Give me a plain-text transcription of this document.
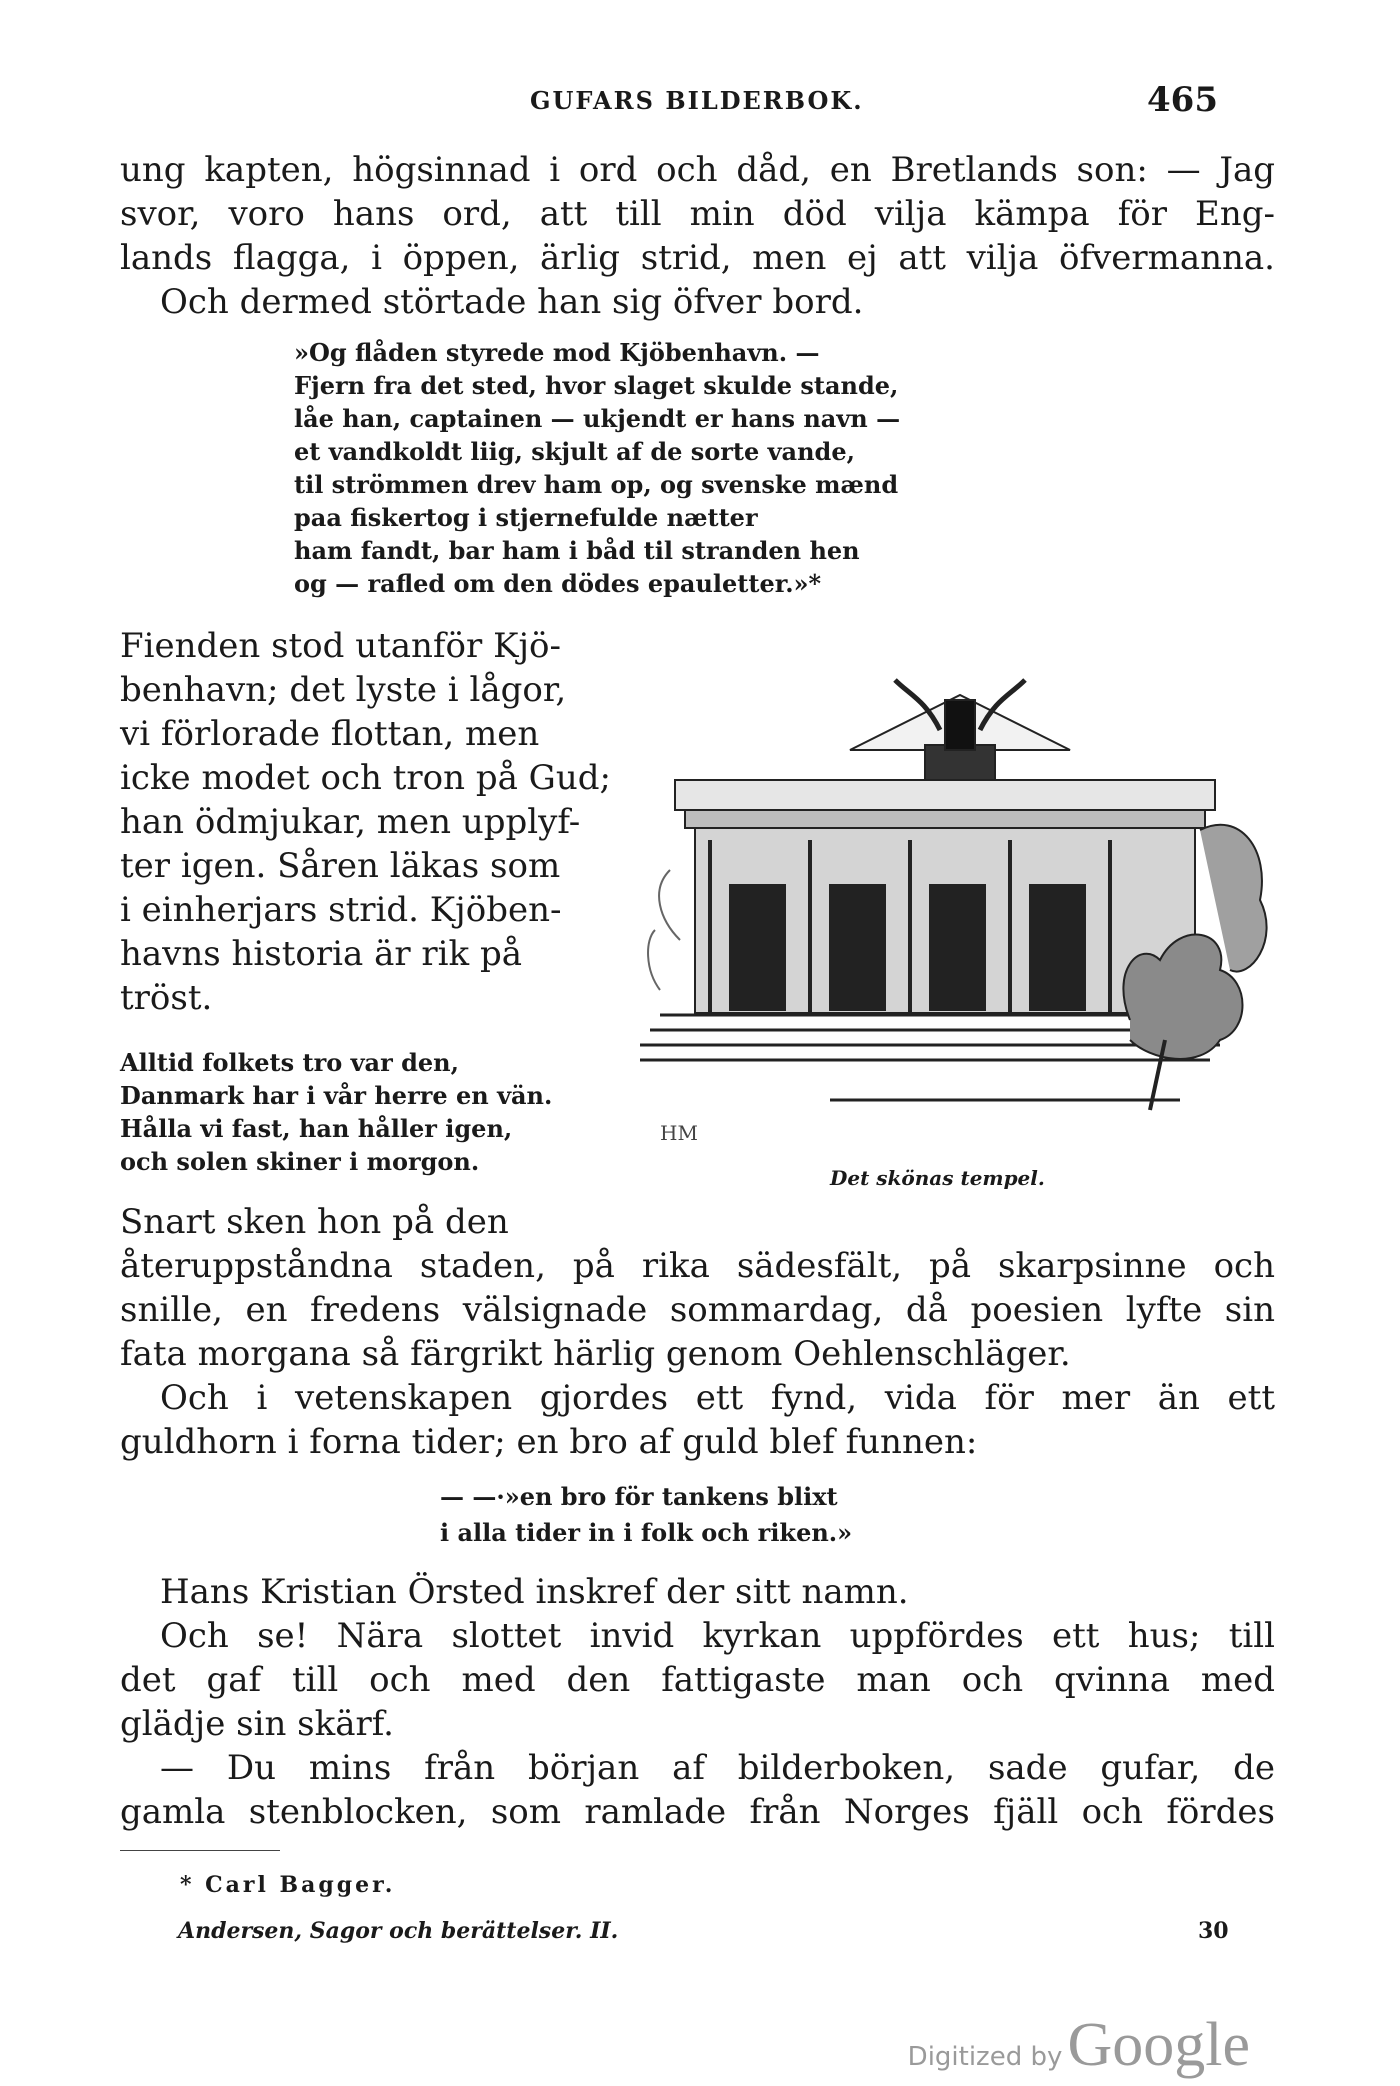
GUFARS BILDERBOK.	465
ung kapten, högsinnad i ord och dåd, en Bretlands son: — Jag
svor, voro hans ord, att till min död vilja kämpa för Eng-
lands flagga, i öppen, ärlig strid, men ej att vilja öfvermanna.
Och dermed störtade han sig öfver bord.
»Og flåden styrede mod Kjöbenhavn. —
Fjern fra det sted, hvor slaget skulde stande,
låe han, captainen — ukjendt er hans navn —
et vandkoldt liig, skjult af de sorte vande,
til strömmen drev ham op, og svenske mænd
paa fiskertog i stjernefulde nætter
ham fandt, bar ham i båd til stranden hen
og — rafled om den dödes epauletter.»*
Fienden stod utanför Kjö-
benhavn; det lyste i lågor,
vi förlorade flottan, men
icke modet och tron på Gud;
han ödmjukar, men upplyf-
ter igen. Såren läkas som
i einherjars strid. Kjöben-
havns historia är rik på
tröst.
Alltid folkets tro var den,
Danmark har i vår herre en vän.
Hålla vi fast, han håller igen,
och solen skiner i morgon.
HM
Det skönas tempel.
Snart sken hon på den
återuppståndna staden, på rika sädesfält, på skarpsinne och
snille, en fredens välsignade sommardag, då poesien lyfte sin
fata morgana så färgrikt härlig genom Oehlenschläger.
Och i vetenskapen gjordes ett fynd, vida för mer än ett
guldhorn i forna tider; en bro af guld blef funnen:
— —·»en bro för tankens blixt
i alla tider in i folk och riken.»
Hans Kristian Örsted inskref der sitt namn.
Och se! Nära slottet invid kyrkan uppfördes ett hus; till
det gaf till och med den fattigaste man och qvinna med
glädje sin skärf.
— Du mins från början af bilderboken, sade gufar, de
gamla stenblocken, som ramlade från Norges fjäll och fördes
* Carl Bagger.
Andersen, Sagor och berättelser. II.	30
Digitized by Google
